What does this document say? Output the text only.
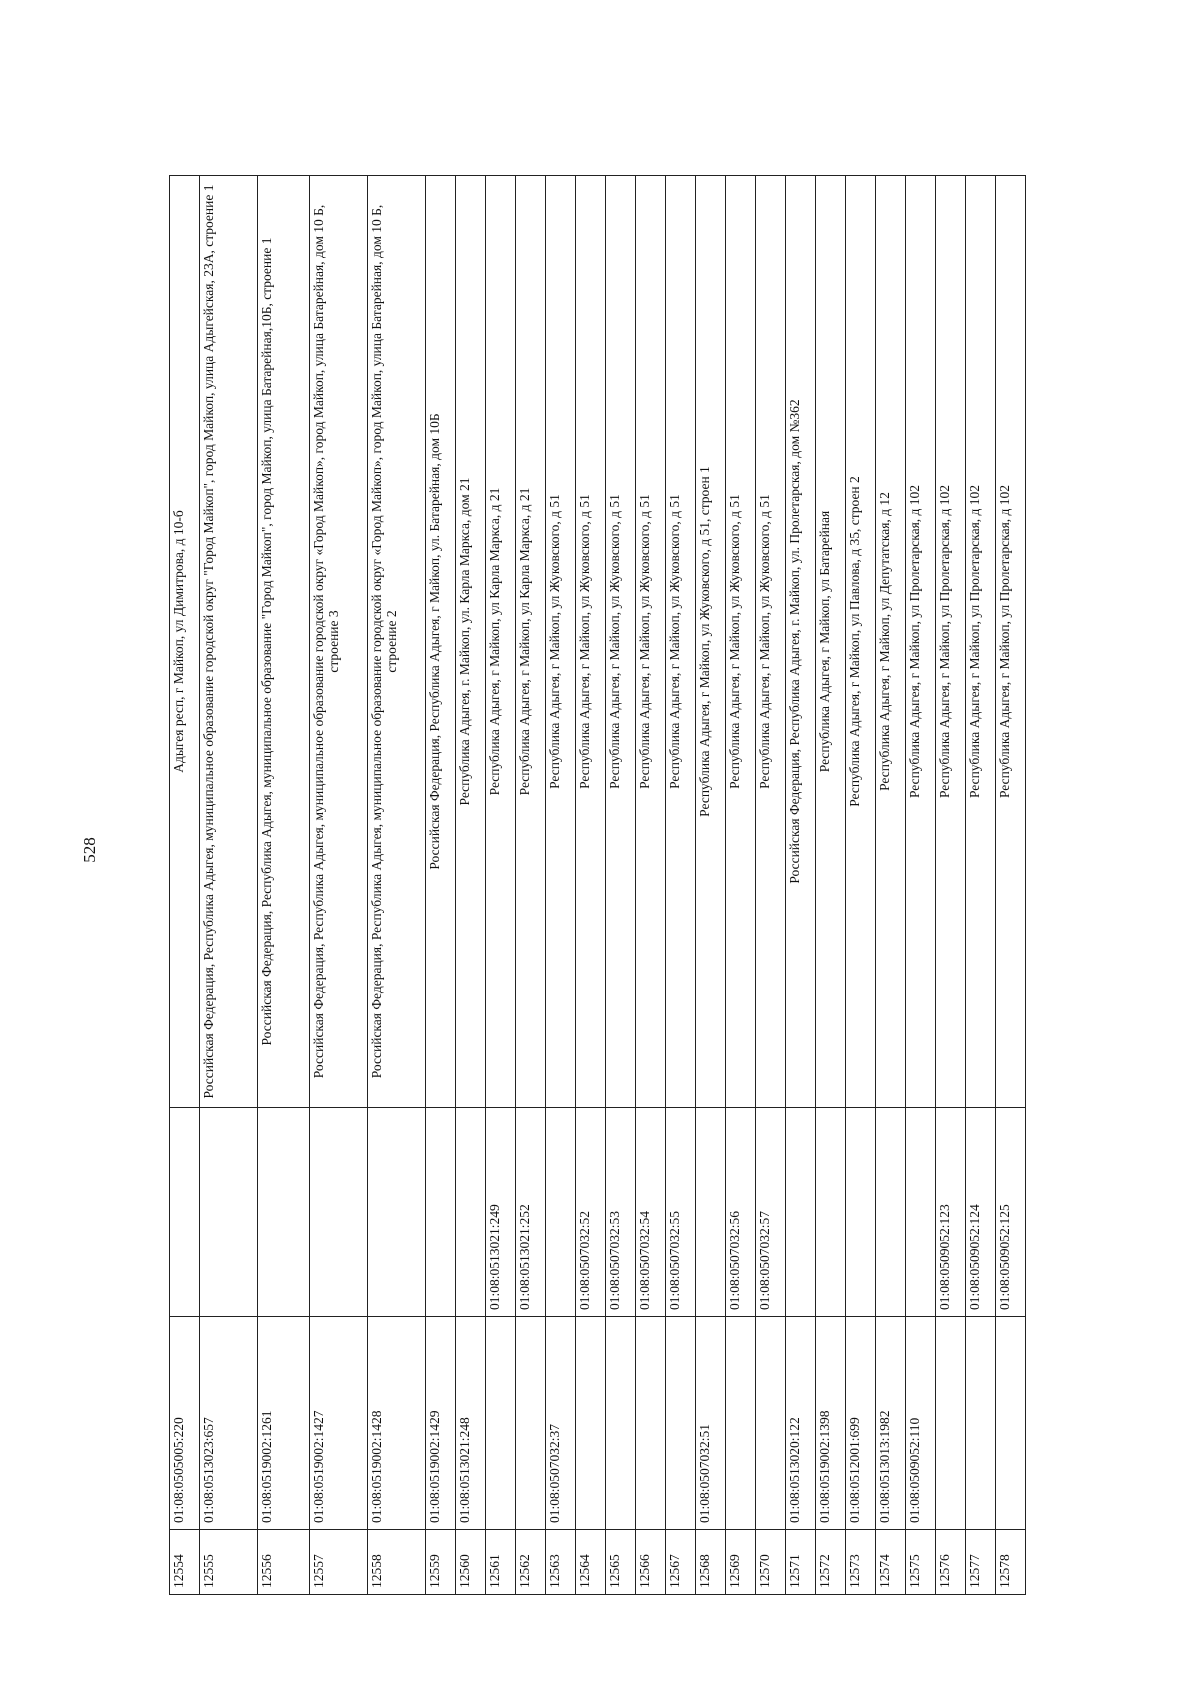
528
12554	01:08:0505005:220		Адыгея респ, г Майкоп, ул Димитрова, д 10-б
12555	01:08:0513023:657		Российская Федерация, Республика Адыгея, муниципальное образование городской округ "Город Майкоп", город Майкоп, улица Адыгейская, 23А, строение 1
12556	01:08:0519002:1261		Российская Федерация, Республика Адыгея, муниципальное образование "Город Майкоп", город Майкоп, улица Батарейная,10Б, строение 1
12557	01:08:0519002:1427		Российская Федерация, Республика Адыгея, муниципальное образование городской округ «Город Майкоп», город Майкоп, улица Батарейная, дом 10 Б, строение 3
12558	01:08:0519002:1428		Российская Федерация, Республика Адыгея, муниципальное образование городской округ «Город Майкоп», город Майкоп, улица Батарейная, дом 10 Б, строение 2
12559	01:08:0519002:1429		Российская Федерация, Республика Адыгея, г Майкоп, ул. Батарейная, дом 10Б
12560	01:08:0513021:248		Республика Адыгея, г. Майкоп, ул. Карла Маркса, дом 21
12561		01:08:0513021:249	Республика Адыгея, г Майкоп, ул Карла Маркса, д 21
12562		01:08:0513021:252	Республика Адыгея, г Майкоп, ул Карла Маркса, д 21
12563	01:08:0507032:37		Республика Адыгея, г Майкоп, ул Жуковского, д 51
12564		01:08:0507032:52	Республика Адыгея, г Майкоп, ул Жуковского, д 51
12565		01:08:0507032:53	Республика Адыгея, г Майкоп, ул Жуковского, д 51
12566		01:08:0507032:54	Республика Адыгея, г Майкоп, ул Жуковского, д 51
12567		01:08:0507032:55	Республика Адыгея, г Майкоп, ул Жуковского, д 51
12568	01:08:0507032:51		Республика Адыгея, г Майкоп, ул Жуковского, д 51, строен 1
12569		01:08:0507032:56	Республика Адыгея, г Майкоп, ул Жуковского, д 51
12570		01:08:0507032:57	Республика Адыгея, г Майкоп, ул Жуковского, д 51
12571	01:08:0513020:122		Российская Федерация, Республика Адыгея, г. Майкоп, ул. Пролетарская, дом №362
12572	01:08:0519002:1398		Республика Адыгея, г Майкоп, ул Батарейная
12573	01:08:0512001:699		Республика Адыгея, г Майкоп, ул Павлова, д 35, строен 2
12574	01:08:0513013:1982		Республика Адыгея, г Майкоп, ул Депутатская, д 12
12575	01:08:0509052:110		Республика Адыгея, г Майкоп, ул Пролетарская, д 102
12576		01:08:0509052:123	Республика Адыгея, г Майкоп, ул Пролетарская, д 102
12577		01:08:0509052:124	Республика Адыгея, г Майкоп, ул Пролетарская, д 102
12578		01:08:0509052:125	Республика Адыгея, г Майкоп, ул Пролетарская, д 102
